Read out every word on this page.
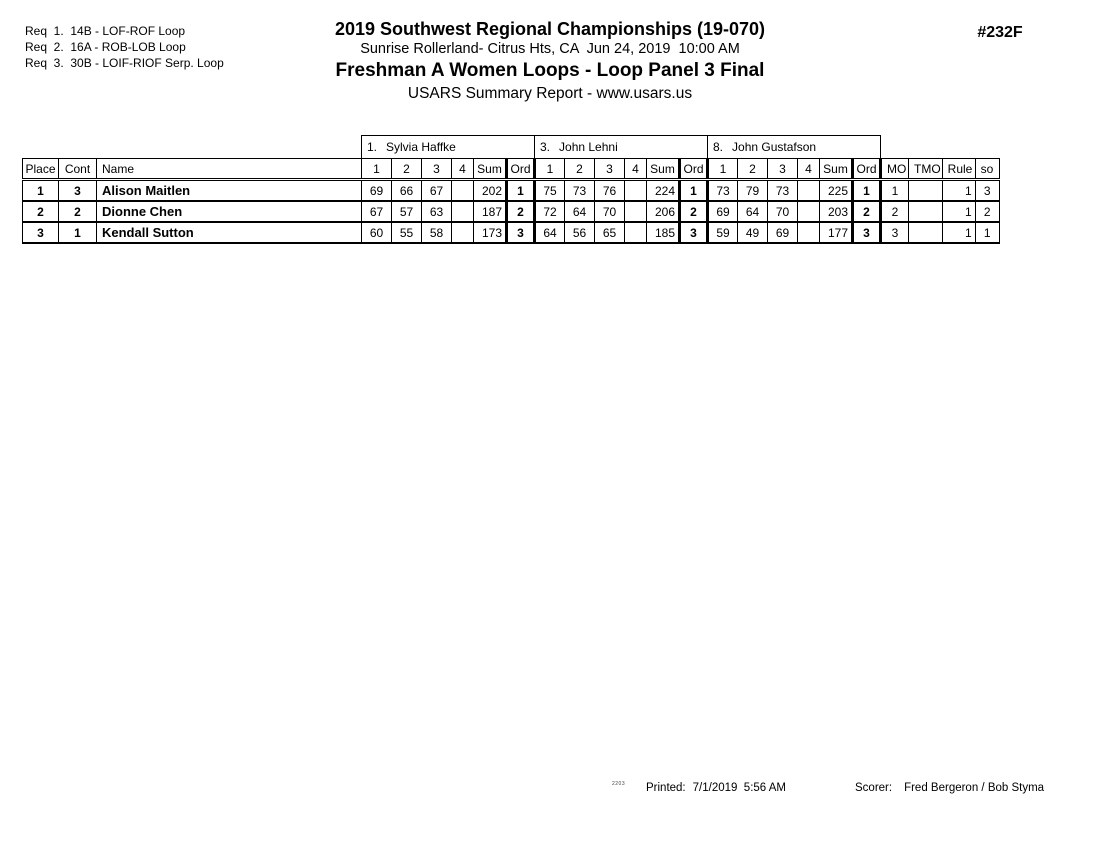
Req  1.  14B - LOF-ROF Loop
Req  2.  16A - ROB-LOB Loop
Req  3.  30B - LOIF-RIOF Serp. Loop
2019 Southwest Regional Championships (19-070)
Sunrise Rollerland- Citrus Hts, CA  Jun 24, 2019  10:00 AM
Freshman A Women Loops - Loop Panel 3 Final
USARS Summary Report - www.usars.us
#232F
			1. Sylvia Haffke						3. John Lehni						8. John Gustafson									
Place	Cont	Name	1	2	3	4	Sum	Ord	1	2	3	4	Sum	Ord	1	2	3	4	Sum	Ord	MO	TMO	Rule	so
1	3	Alison Maitlen	69	66	67		202	1	75	73	76		224	1	73	79	73		225	1	1		1	3
2	2	Dionne Chen	67	57	63		187	2	72	64	70		206	2	69	64	70		203	2	2		1	2
3	1	Kendall Sutton	60	55	58		173	3	64	56	65		185	3	59	49	69		177	3	3		1	1
2203 Printed: 7/1/2019  5:56 AM	Scorer: Fred Bergeron / Bob Styma
